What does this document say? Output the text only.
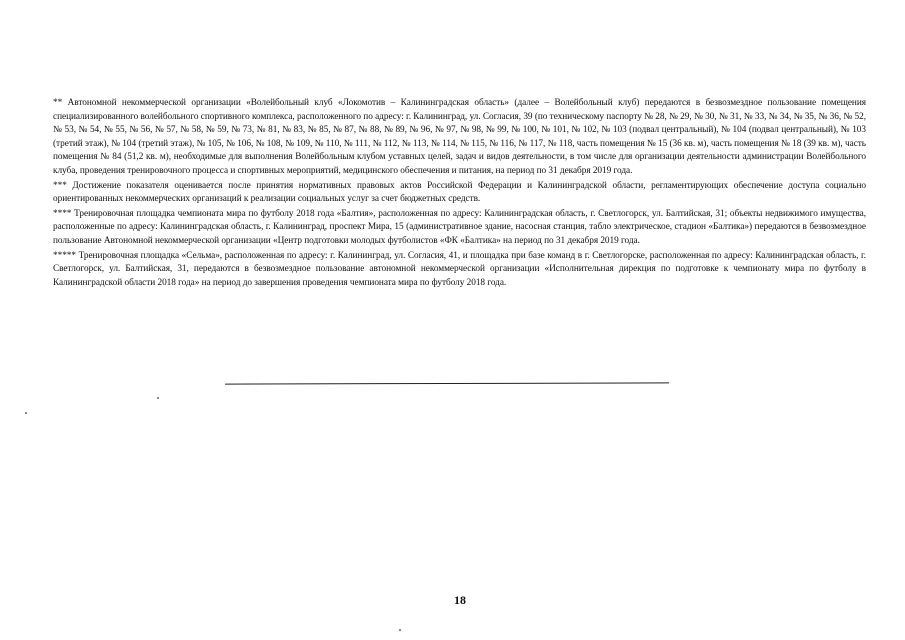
** Автономной некоммерческой организации «Волейбольный клуб «Локомотив – Калининградская область» (далее – Волейбольный клуб) передаются в безвозмездное пользование помещения специализированного волейбольного спортивного комплекса, расположенного по адресу: г. Калининград, ул. Согласия, 39 (по техническому паспорту № 28, № 29, № 30, № 31, № 33, № 34, № 35, № 36, № 52, № 53, № 54, № 55, № 56, № 57, № 58, № 59, № 73, № 81, № 83, № 85, № 87, № 88, № 89, № 96, № 97, № 98, № 99, № 100, № 101, № 102, № 103 (подвал центральный), № 104 (подвал центральный), № 103 (третий этаж), № 104 (третий этаж), № 105, № 106, № 108, № 109, № 110, № 111, № 112, № 113, № 114, № 115, № 116, № 117, № 118, часть помещения № 15 (36 кв. м), часть помещения № 18 (39 кв. м), часть помещения № 84 (51,2 кв. м), необходимые для выполнения Волейбольным клубом уставных целей, задач и видов деятельности, в том числе для организации деятельности администрации Волейбольного клуба, проведения тренировочного процесса и спортивных мероприятий, медицинского обеспечения и питания, на период по 31 декабря 2019 года.

*** Достижение показателя оценивается после принятия нормативных правовых актов Российской Федерации и Калининградской области, регламентирующих обеспечение доступа социально ориентированных некоммерческих организаций к реализации социальных услуг за счет бюджетных средств.

**** Тренировочная площадка чемпионата мира по футболу 2018 года «Балтия», расположенная по адресу: Калининградская область, г. Светлогорск, ул. Балтийская, 31; объекты недвижимого имущества, расположенные по адресу: Калининградская область, г. Калининград, проспект Мира, 15 (административное здание, насосная станция, табло электрическое, стадион «Балтика») передаются в безвозмездное пользование Автономной некоммерческой организации «Центр подготовки молодых футболистов «ФК «Балтика» на период по 31 декабря 2019 года.

***** Тренировочная площадка «Сельма», расположенная по адресу: г. Калининград, ул. Согласия, 41, и площадка при базе команд в г. Светлогорске, расположенная по адресу: Калининградская область, г. Светлогорск, ул. Балтийская, 31, передаются в безвозмездное пользование автономной некоммерческой организации «Исполнительная дирекция по подготовке к чемпионату мира по футболу в Калининградской области 2018 года» на период до завершения проведения чемпионата мира по футболу 2018 года.

18
